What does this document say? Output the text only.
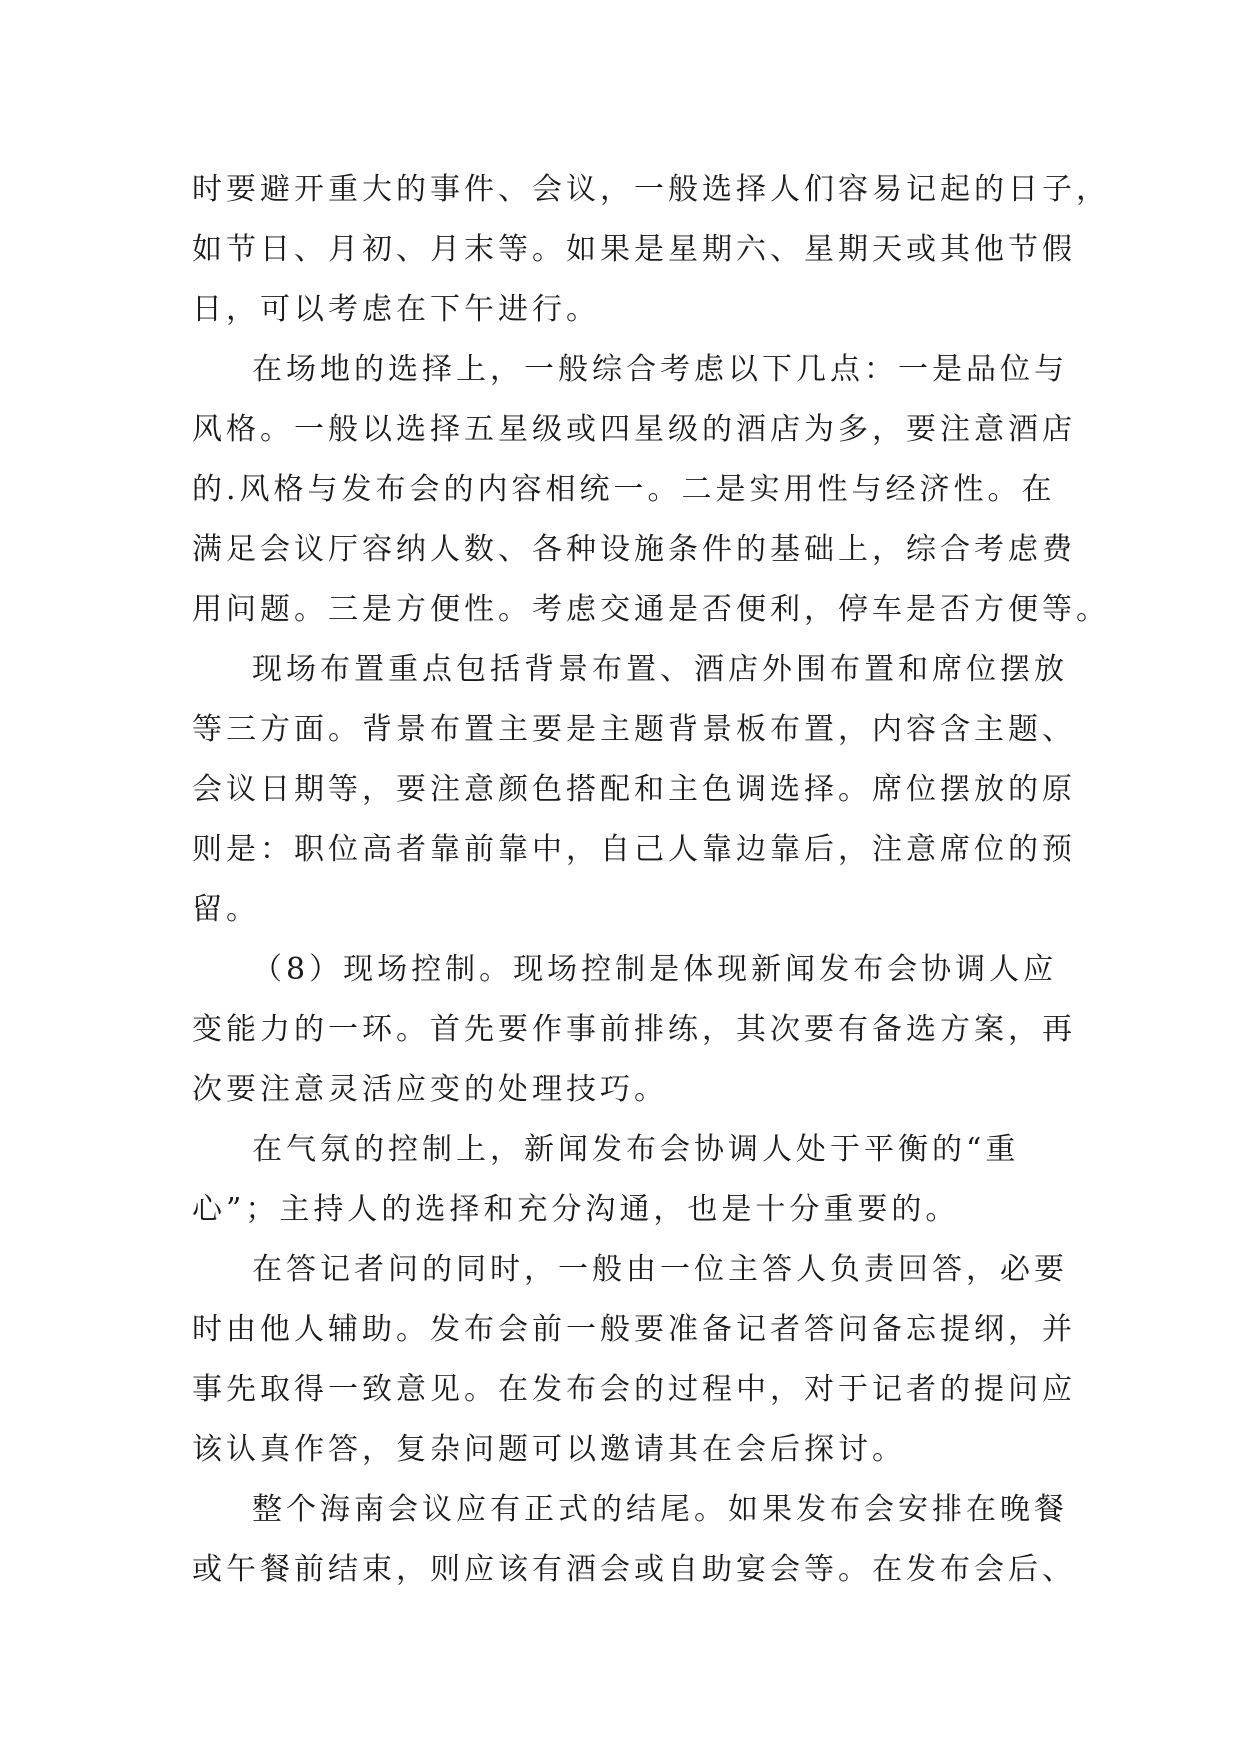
时要避开重大的事件、会议，一般选择人们容易记起的日子，
如节日、月初、月末等。如果是星期六、星期天或其他节假
日，可以考虑在下午进行。
在场地的选择上，一般综合考虑以下几点：一是品位与
风格。一般以选择五星级或四星级的酒店为多，要注意酒店
的.风格与发布会的内容相统一。二是实用性与经济性。在
满足会议厅容纳人数、各种设施条件的基础上，综合考虑费
用问题。三是方便性。考虑交通是否便利，停车是否方便等。
现场布置重点包括背景布置、酒店外围布置和席位摆放
等三方面。背景布置主要是主题背景板布置，内容含主题、
会议日期等，要注意颜色搭配和主色调选择。席位摆放的原
则是：职位高者靠前靠中，自己人靠边靠后，注意席位的预
留。
（8）现场控制。现场控制是体现新闻发布会协调人应
变能力的一环。首先要作事前排练，其次要有备选方案，再
次要注意灵活应变的处理技巧。
在气氛的控制上，新闻发布会协调人处于平衡的“重
心”；主持人的选择和充分沟通，也是十分重要的。
在答记者问的同时，一般由一位主答人负责回答，必要
时由他人辅助。发布会前一般要准备记者答问备忘提纲，并
事先取得一致意见。在发布会的过程中，对于记者的提问应
该认真作答，复杂问题可以邀请其在会后探讨。
整个海南会议应有正式的结尾。如果发布会安排在晚餐
或午餐前结束，则应该有酒会或自助宴会等。在发布会后、
